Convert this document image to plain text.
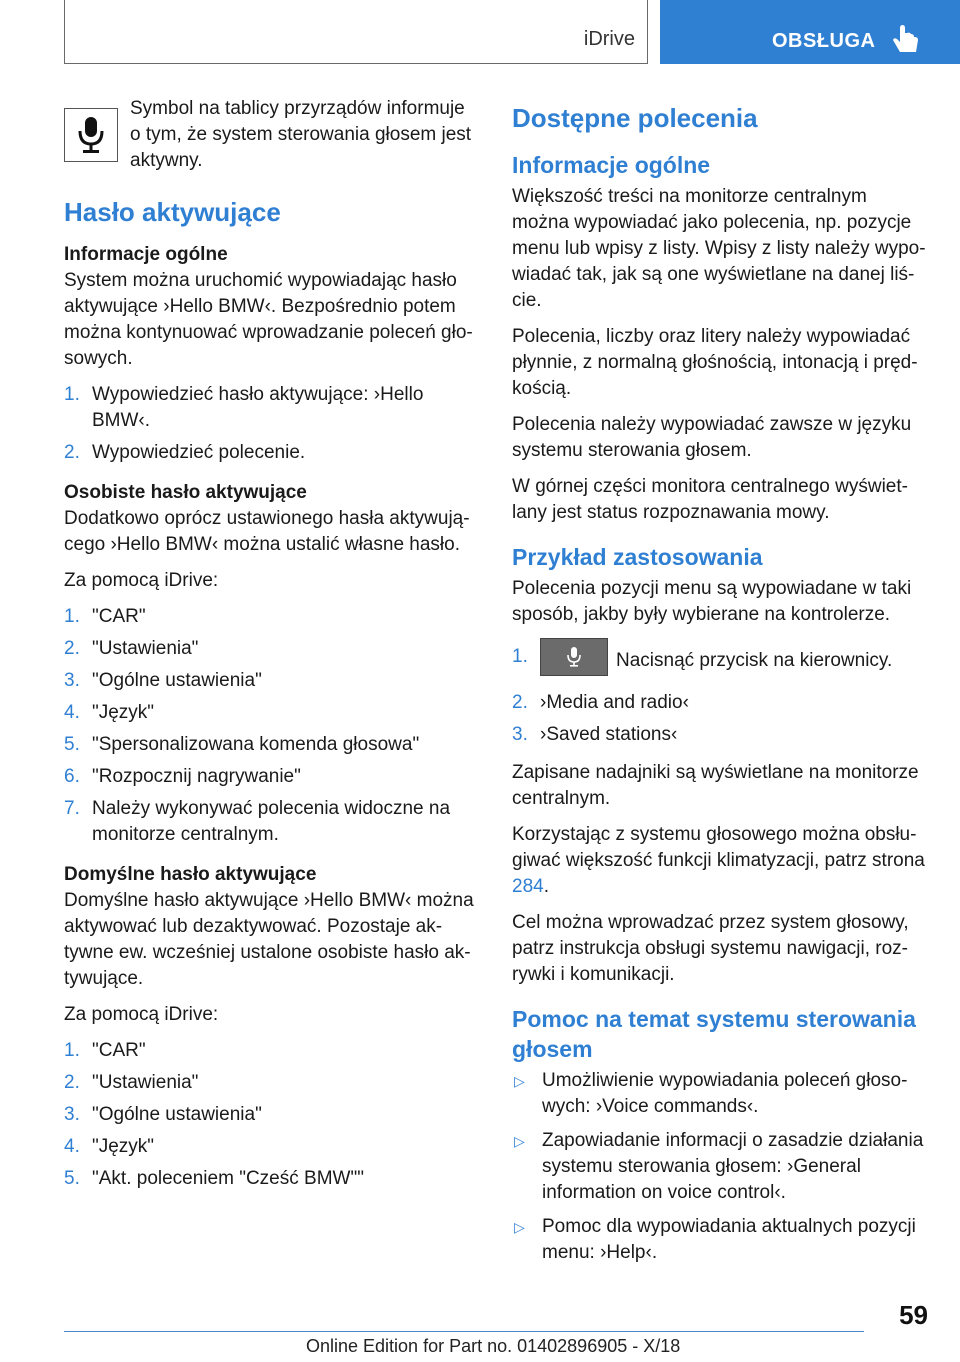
iDrive	OBSŁUGA
Symbol na tablicy przyrządów informuje o tym, że system sterowania głosem jest aktywny.
Hasło aktywujące
Informacje ogólne

System można uruchomić wypowiadając hasło aktywujące ›Hello BMW‹. Bezpośrednio potem można kontynuować wprowadzanie poleceń gło- sowych.

1. Wypowiedzieć hasło aktywujące: ›Hello BMW‹.
2. Wypowiedzieć polecenie.
Osobiste hasło aktywujące

Dodatkowo oprócz ustawionego hasła aktywują- cego ›Hello BMW‹ można ustalić własne hasło.

Za pomocą iDrive:

1. "CAR"
2. "Ustawienia"
3. "Ogólne ustawienia"
4. "Język"
5. "Spersonalizowana komenda głosowa"
6. "Rozpocznij nagrywanie"
7. Należy wykonywać polecenia widoczne na monitorze centralnym.
Domyślne hasło aktywujące

Domyślne hasło aktywujące ›Hello BMW‹ można aktywować lub dezaktywować. Pozostaje ak- tywne ew. wcześniej ustalone osobiste hasło ak- tywujące.

Za pomocą iDrive:

1. "CAR"
2. "Ustawienia"
3. "Ogólne ustawienia"
4. "Język"
5. "Akt. poleceniem "Cześć BMW""
Dostępne polecenia
Informacje ogólne

Większość treści na monitorze centralnym można wypowiadać jako polecenia, np. pozycje menu lub wpisy z listy. Wpisy z listy należy wypo- wiadać tak, jak są one wyświetlane na danej liś- cie.

Polecenia, liczby oraz litery należy wypowiadać płynnie, z normalną głośnością, intonacją i pręd- kością.

Polecenia należy wypowiadać zawsze w języku systemu sterowania głosem.

W górnej części monitora centralnego wyświet- lany jest status rozpoznawania mowy.

Przykład zastosowania

Polecenia pozycji menu są wypowiadane w taki sposób, jakby były wybierane na kontrolerze.

1.	Nacisnąć przycisk na kierownicy.
2. ›Media and radio‹
3. ›Saved stations‹

Zapisane nadajniki są wyświetlane na monitorze centralnym.

Korzystając z systemu głosowego można obsłu- giwać większość funkcji klimatyzacji, patrz strona 284.

Cel można wprowadzać przez system głosowy, patrz instrukcja obsługi systemu nawigacji, roz- rywki i komunikacji.

Pomoc na temat systemu sterowania głosem
▷ Umożliwienie wypowiadania poleceń głoso- wych: ›Voice commands‹.
▷ Zapowiadanie informacji o zasadzie działania systemu sterowania głosem: ›General information on voice control‹.
▷ Pomoc dla wypowiadania aktualnych pozycji menu: ›Help‹.
59
Online Edition for Part no. 01402896905 - X/18
